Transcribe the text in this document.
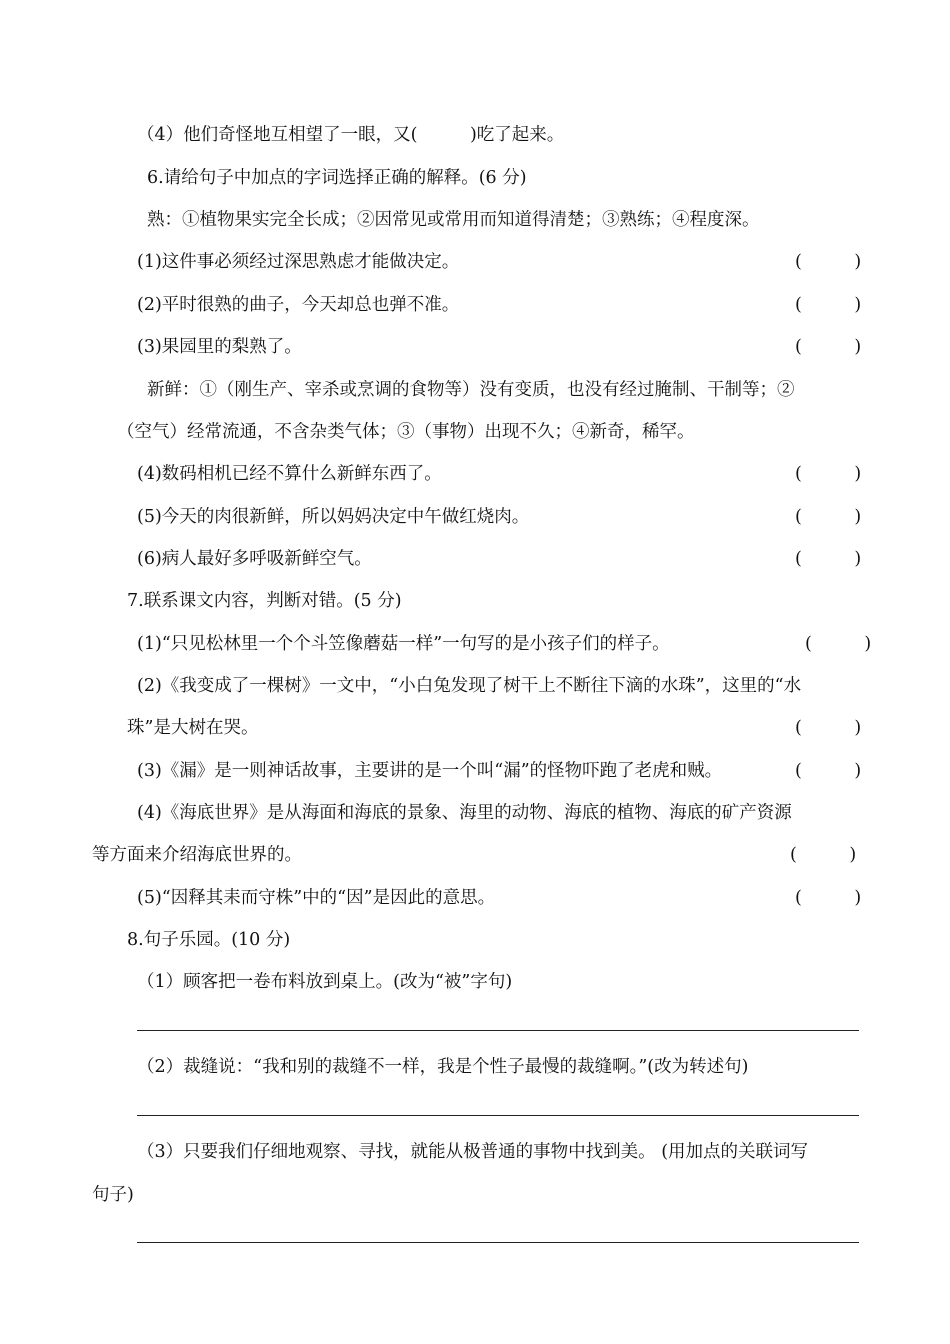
（4）他们奇怪地互相望了一眼，又(　　　)吃了起来。
6.请给句子中加点的字词选择正确的解释。(6 分)
熟：①植物果实完全长成；②因常见或常用而知道得清楚；③熟练；④程度深。
(1)这件事必须经过深思熟虑才能做决定。	(　　　)
(2)平时很熟的曲子，今天却总也弹不准。	(　　　)
(3)果园里的梨熟了。	(　　　)
新鲜：①（刚生产、宰杀或烹调的食物等）没有变质，也没有经过腌制、干制等；②
（空气）经常流通，不含杂类气体；③（事物）出现不久；④新奇，稀罕。
(4)数码相机已经不算什么新鲜东西了。	(　　　)
(5)今天的肉很新鲜，所以妈妈决定中午做红烧肉。	(　　　)
(6)病人最好多呼吸新鲜空气。	(　　　)
7.联系课文内容，判断对错。(5 分)
(1)“只见松林里一个个斗笠像蘑菇一样”一句写的是小孩子们的样子。	(　　　)
(2)《我变成了一棵树》一文中，“小白兔发现了树干上不断往下滴的水珠”，这里的“水
珠”是大树在哭。	(　　　)
(3)《漏》是一则神话故事，主要讲的是一个叫“漏”的怪物吓跑了老虎和贼。	(　　　)
(4)《海底世界》是从海面和海底的景象、海里的动物、海底的植物、海底的矿产资源
等方面来介绍海底世界的。	(　　　)
(5)“因释其耒而守株”中的“因”是因此的意思。	(　　　)
8.句子乐园。(10 分)
（1）顾客把一卷布料放到桌上。(改为“被”字句)
（2）裁缝说：“我和别的裁缝不一样，我是个性子最慢的裁缝啊。”(改为转述句)
（3）只要我们仔细地观察、寻找，就能从极普通的事物中找到美。 (用加点的关联词写
句子)
